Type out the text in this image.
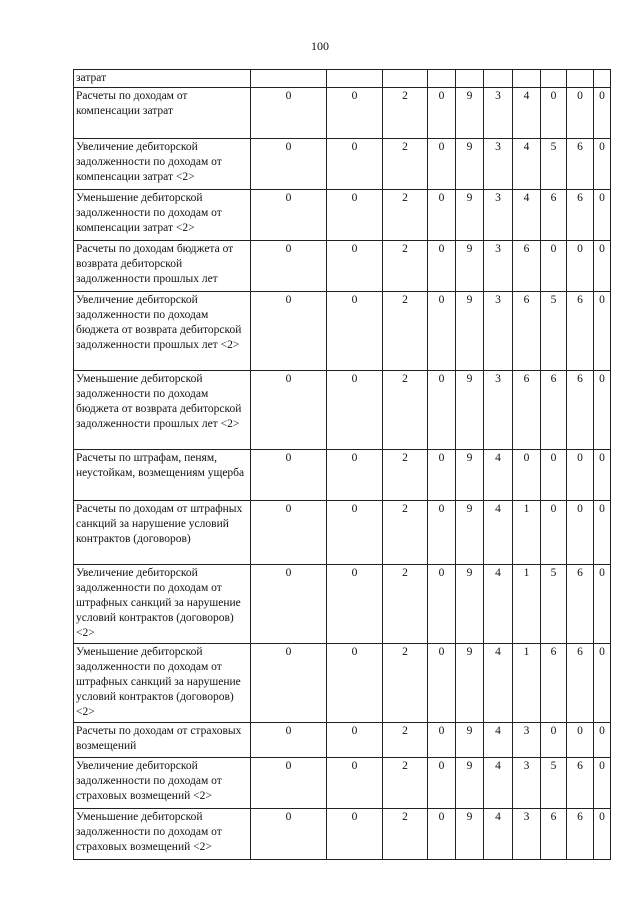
100
затрат										
Расчеты по доходам от компенсации затрат	0	0	2	0	9	3	4	0	0	0
Увеличение дебиторской задолженности по доходам от компенсации затрат <2>	0	0	2	0	9	3	4	5	6	0
Уменьшение дебиторской задолженности по доходам от компенсации затрат <2>	0	0	2	0	9	3	4	6	6	0
Расчеты по доходам бюджета от возврата дебиторской задолженности прошлых лет	0	0	2	0	9	3	6	0	0	0
Увеличение дебиторской задолженности по доходам бюджета от возврата дебиторской задолженности прошлых лет <2>	0	0	2	0	9	3	6	5	6	0
Уменьшение дебиторской задолженности по доходам бюджета от возврата дебиторской задолженности прошлых лет <2>	0	0	2	0	9	3	6	6	6	0
Расчеты по штрафам, пеням, неустойкам, возмещениям ущерба	0	0	2	0	9	4	0	0	0	0
Расчеты по доходам от штрафных санкций за нарушение условий контрактов (договоров)	0	0	2	0	9	4	1	0	0	0
Увеличение дебиторской задолженности по доходам от штрафных санкций за нарушение условий контрактов (договоров) <2>	0	0	2	0	9	4	1	5	6	0
Уменьшение дебиторской задолженности по доходам от штрафных санкций за нарушение условий контрактов (договоров) <2>	0	0	2	0	9	4	1	6	6	0
Расчеты по доходам от страховых возмещений	0	0	2	0	9	4	3	0	0	0
Увеличение дебиторской задолженности по доходам от страховых возмещений <2>	0	0	2	0	9	4	3	5	6	0
Уменьшение дебиторской задолженности по доходам от страховых возмещений <2>	0	0	2	0	9	4	3	6	6	0
